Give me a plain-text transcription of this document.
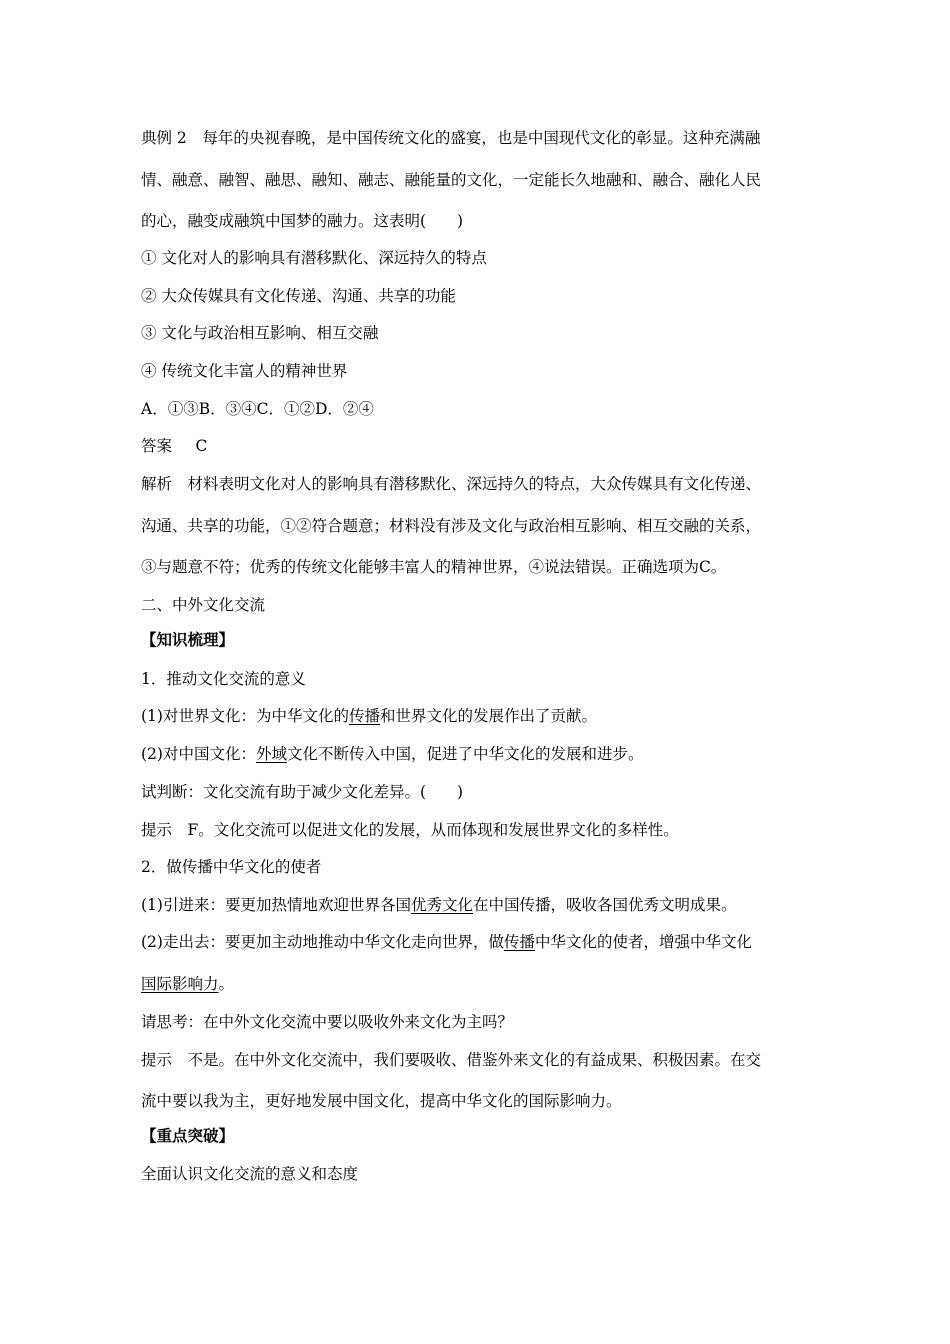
典例 2　 每年的央视春晚，是中国传统文化的盛宴，也是中国现代文化的彰显。这种充满融
情、融意、融智、融思、融知、融志、融能量的文化，一定能长久地融和、融合、融化人民
的心，融变成融筑中国梦的融力。这表明(　　)
① 文化对人的影响具有潜移默化、深远持久的特点
② 大众传媒具有文化传递、沟通、共享的功能
③ 文化与政治相互影响、相互交融
④ 传统文化丰富人的精神世界
A．①③B．③④C．①②D．②④
答案　 C
解析　 材料表明文化对人的影响具有潜移默化、深远持久的特点，大众传媒具有文化传递、
沟通、共享的功能，①②符合题意；材料没有涉及文化与政治相互影响、相互交融的关系，
③与题意不符；优秀的传统文化能够丰富人的精神世界，④说法错误。正确选项为C。
二、中外文化交流
【知识梳理】
1．推动文化交流的意义
(1)对世界文化：为中华文化的传播和世界文化的发展作出了贡献。
(2)对中国文化：外域文化不断传入中国，促进了中华文化的发展和进步。
试判断：文化交流有助于减少文化差异。(　　)
提示　 F。文化交流可以促进文化的发展，从而体现和发展世界文化的多样性。
2．做传播中华文化的使者
(1)引进来：要更加热情地欢迎世界各国优秀文化在中国传播，吸收各国优秀文明成果。
(2)走出去：要更加主动地推动中华文化走向世界，做传播中华文化的使者，增强中华文化
国际影响力。
请思考：在中外文化交流中要以吸收外来文化为主吗？
提示　 不是。在中外文化交流中，我们要吸收、借鉴外来文化的有益成果、积极因素。在交
流中要以我为主，更好地发展中国文化，提高中华文化的国际影响力。
【重点突破】
全面认识文化交流的意义和态度
